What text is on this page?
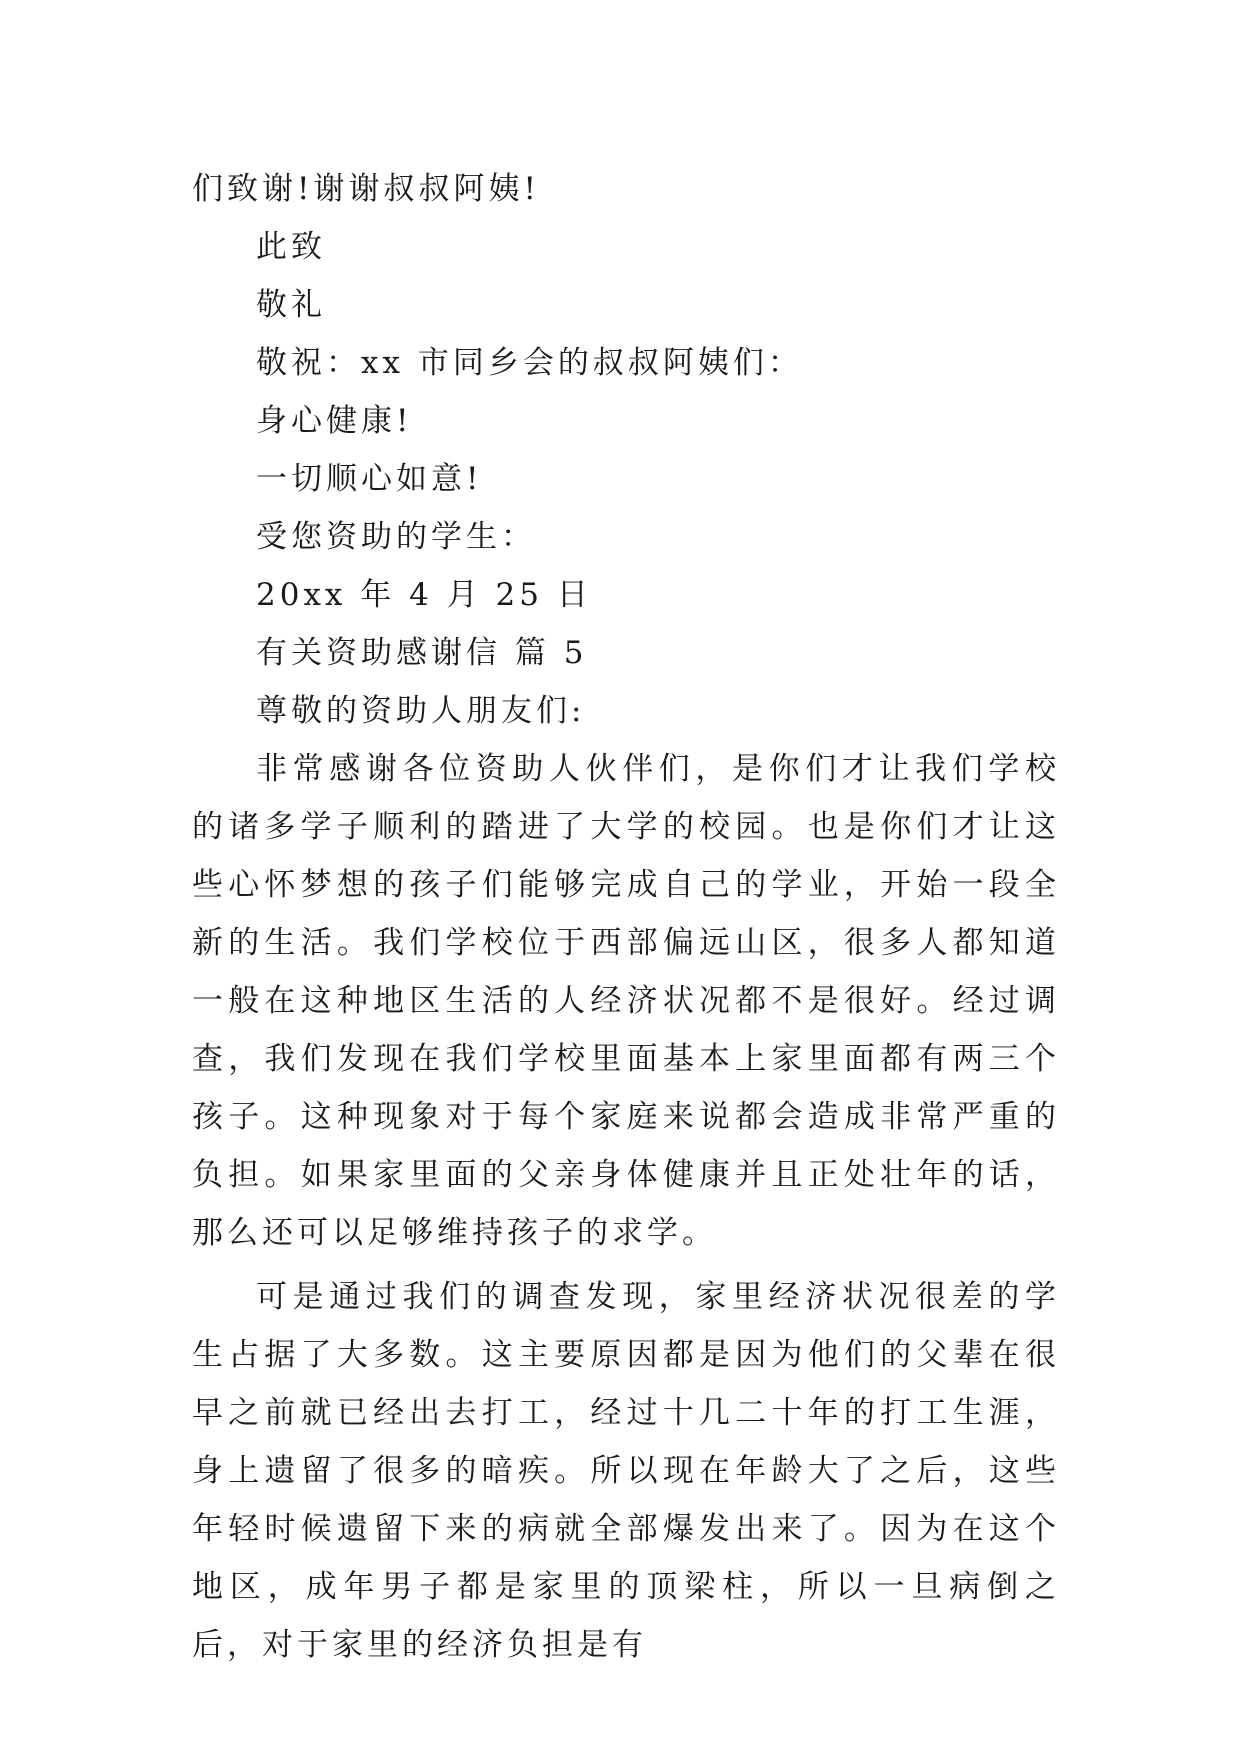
们致谢!谢谢叔叔阿姨!
此致
敬礼
敬祝：xx 市同乡会的叔叔阿姨们：
身心健康!
一切顺心如意!
受您资助的学生：
20xx 年 4 月 25 日
有关资助感谢信 篇 5
尊敬的资助人朋友们:

非常感谢各位资助人伙伴们，是你们才让我们学校的诸多学子顺利的踏进了大学的校园。也是你们才让这些心怀梦想的孩子们能够完成自己的学业，开始一段全新的生活。我们学校位于西部偏远山区，很多人都知道一般在这种地区生活的人经济状况都不是很好。经过调查，我们发现在我们学校里面基本上家里面都有两三个孩子。这种现象对于每个家庭来说都会造成非常严重的负担。如果家里面的父亲身体健康并且正处壮年的话，那么还可以足够维持孩子的求学。

可是通过我们的调查发现，家里经济状况很差的学生占据了大多数。这主要原因都是因为他们的父辈在很早之前就已经出去打工，经过十几二十年的打工生涯，身上遗留了很多的暗疾。所以现在年龄大了之后，这些年轻时候遗留下来的病就全部爆发出来了。因为在这个地区，成年男子都是家里的顶梁柱，所以一旦病倒之后，对于家里的经济负担是有
